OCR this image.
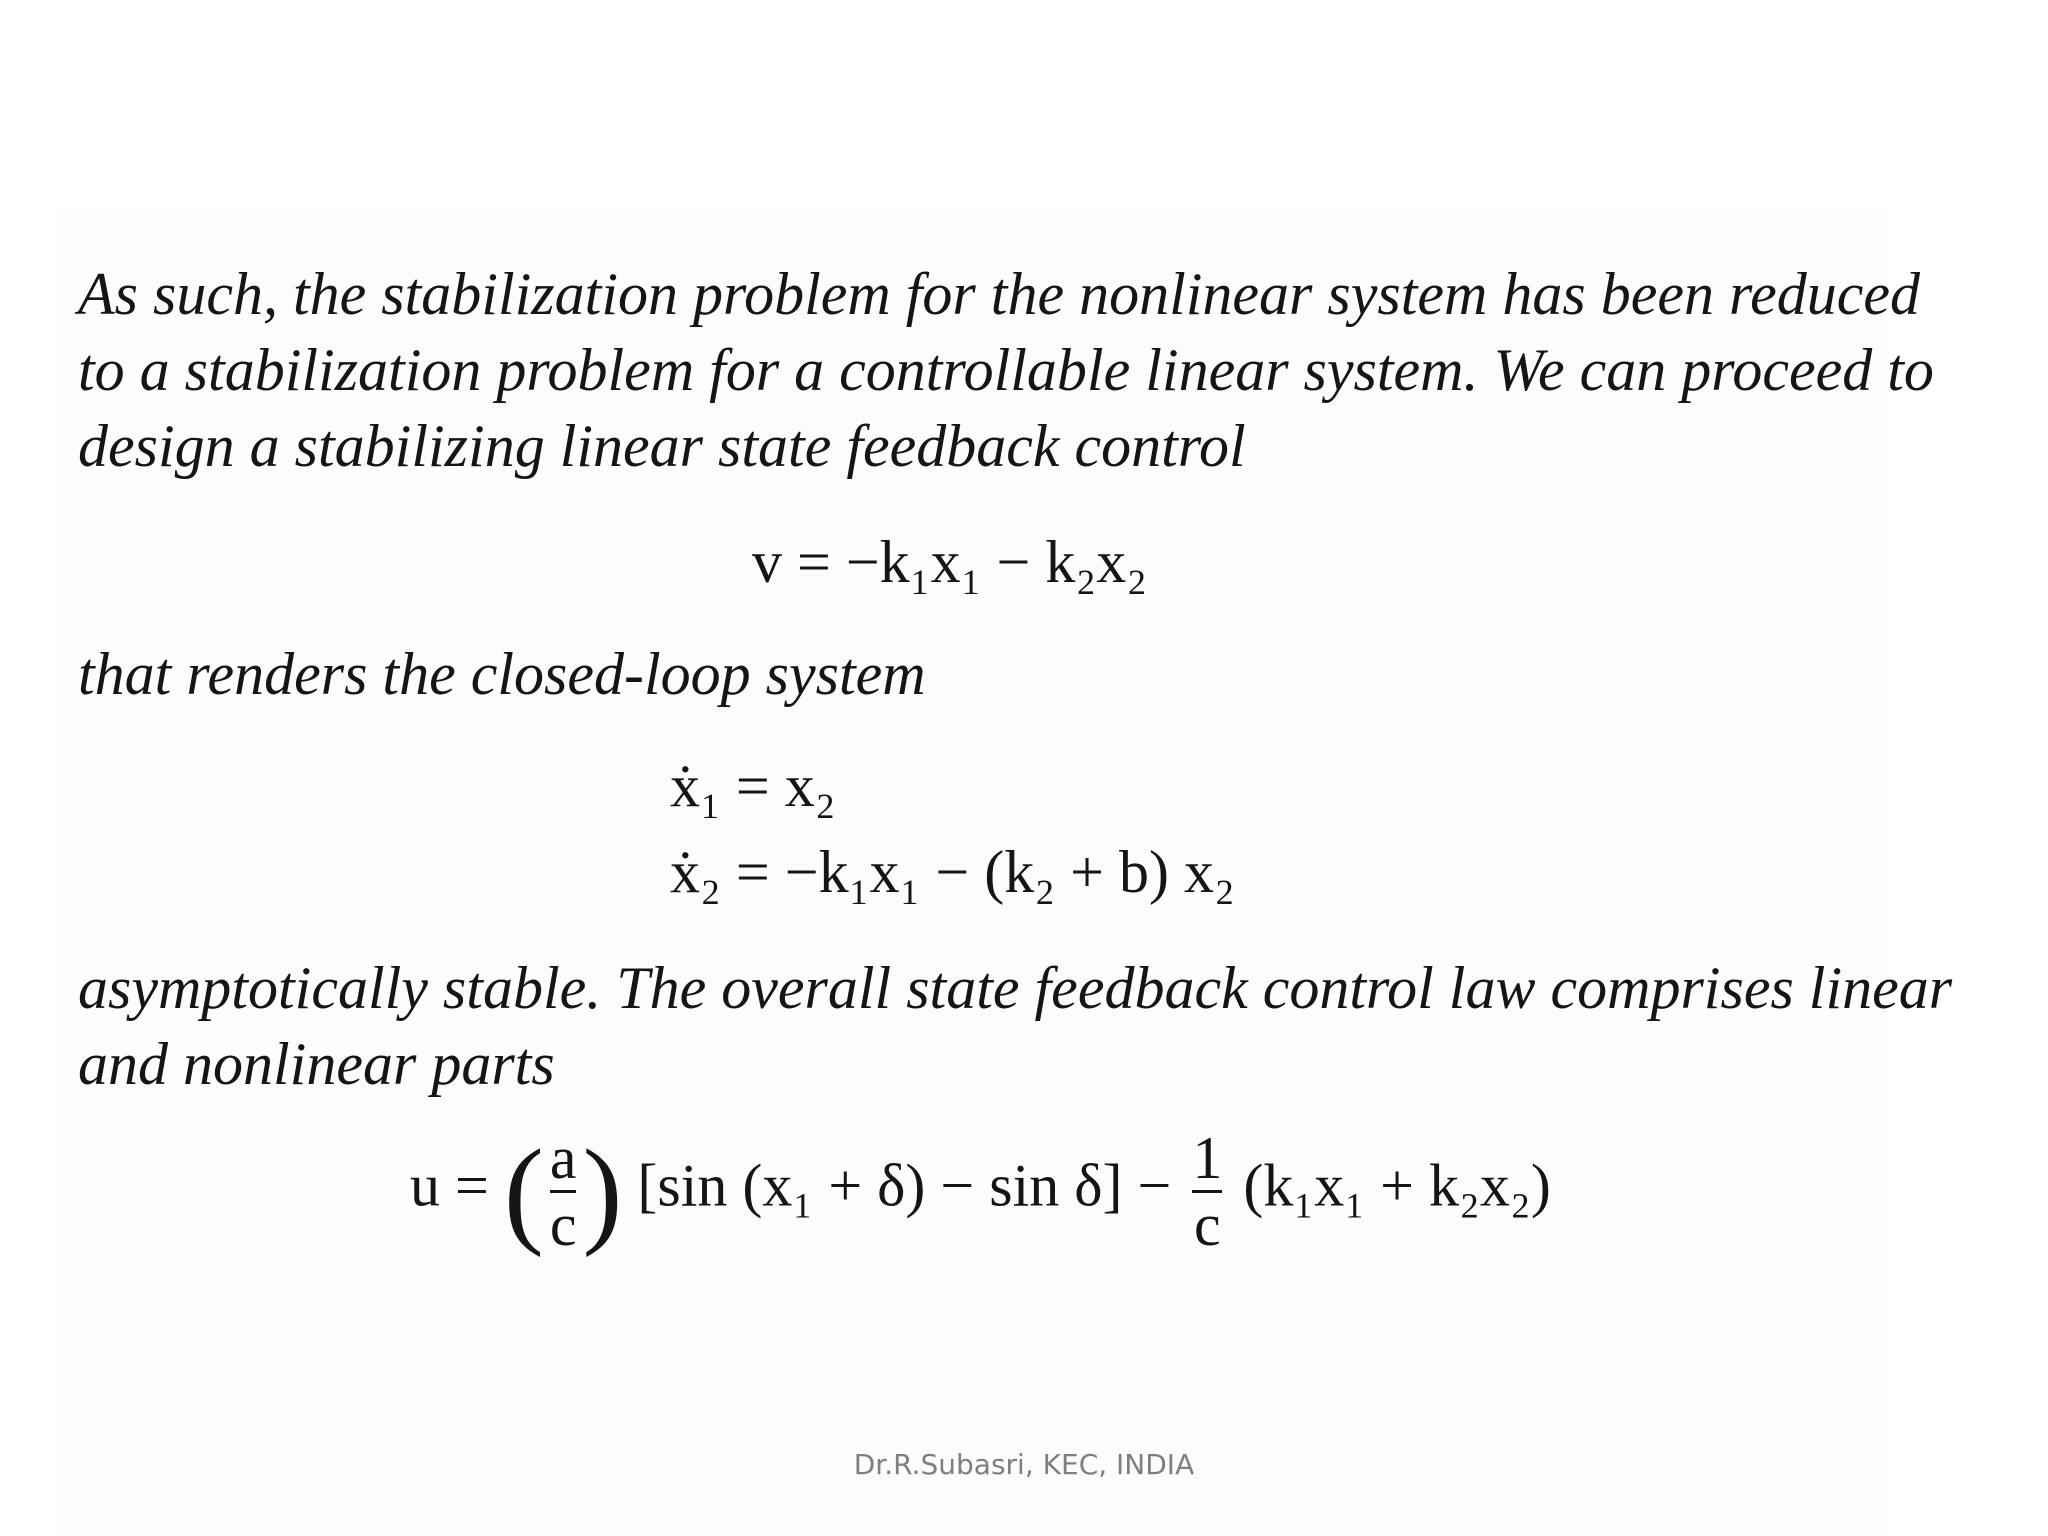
As such, the stabilization problem for the nonlinear system has been reduced
to a stabilization problem for a controllable linear system. We can proceed to

design a stabilizing linear state feedback control

v = −k₁x₁ − k₂x₂

that renders the closed-loop system

ẋ₁ = x₂
ẋ₂ = −k₁x₁ − (k₂ + b) x₂

asymptotically stable. The overall state feedback control law comprises linear

and nonlinear parts

u = ( $\frac{a}{c}$ ) [sin $(x_1 + \delta) - \sin \delta] - \frac{1}{c} (k_1x_1 + k_2x_2)$
Dr.R.Subasri, KEC, INDIA
